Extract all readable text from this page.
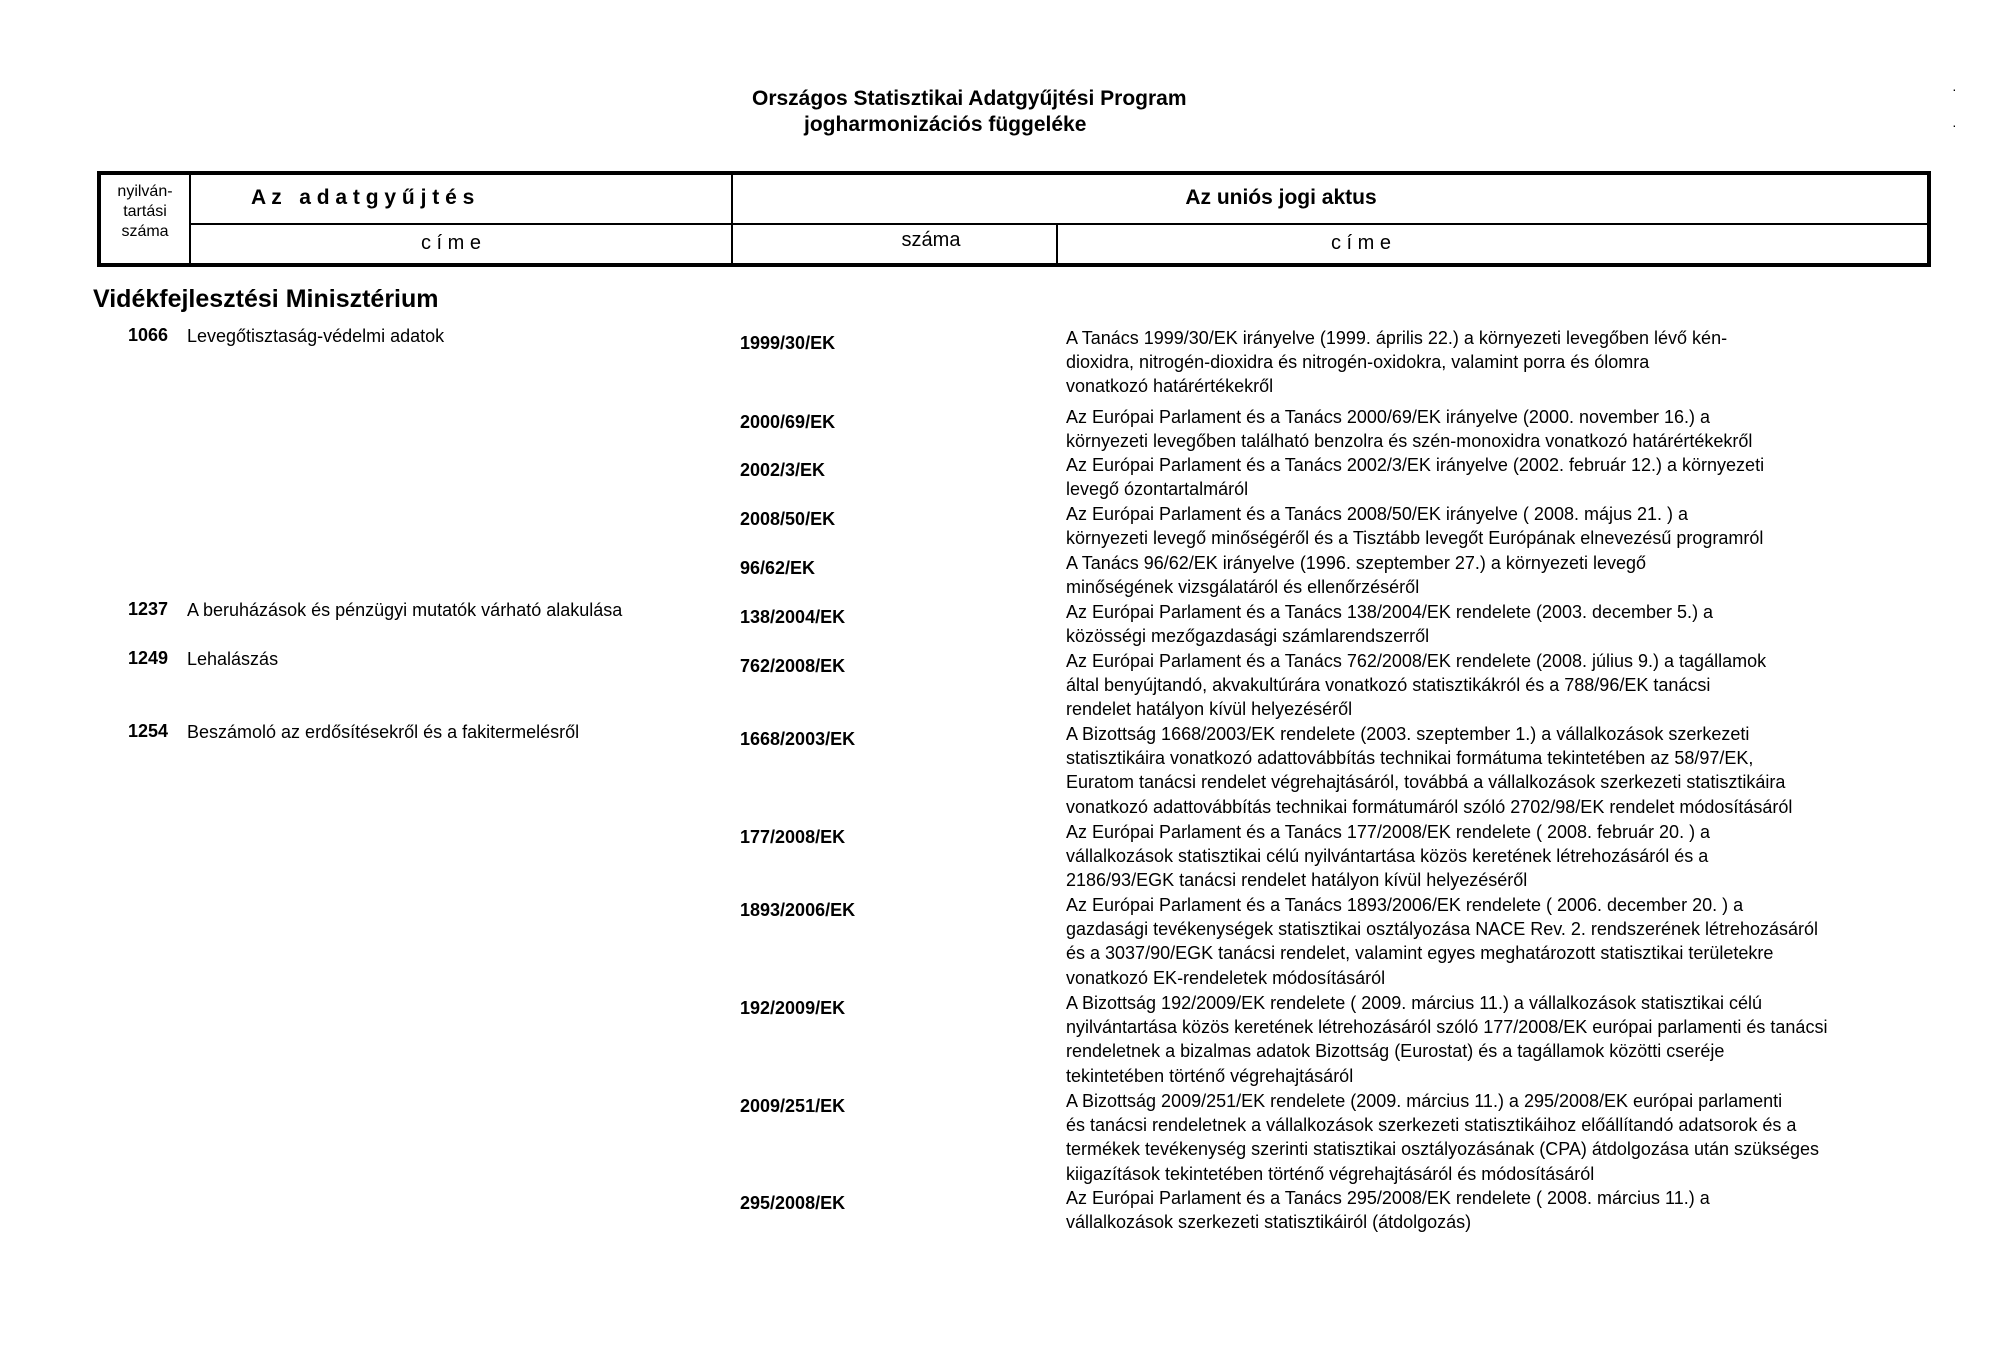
Országos Statisztikai Adatgyűjtési Program
jogharmonizációs függeléke
·
·
nyilván-
tartási
száma
A z   a d a t g y ű j t é s
c í m e
Az uniós jogi aktus
száma	c í m e
Vidékfejlesztési Minisztérium
1066 Levegőtisztaság-védelmi adatok	1999/30/EK	A Tanács 1999/30/EK irányelve (1999. április 22.) a környezeti levegőben lévő kén-
dioxidra, nitrogén-dioxidra és nitrogén-oxidokra, valamint porra és ólomra
vonatkozó határértékekről
2000/69/EK	Az Európai Parlament és a Tanács 2000/69/EK irányelve (2000. november 16.) a
környezeti levegőben található benzolra és szén-monoxidra vonatkozó határértékekről
2002/3/EK	Az Európai Parlament és a Tanács 2002/3/EK irányelve (2002. február 12.) a környezeti
levegő ózontartalmáról
2008/50/EK	Az Európai Parlament és a Tanács 2008/50/EK irányelve ( 2008. május 21. ) a
környezeti levegő minőségéről és a Tisztább levegőt Európának elnevezésű programról
96/62/EK	A Tanács 96/62/EK irányelve (1996. szeptember 27.) a környezeti levegő
minőségének vizsgálatáról és ellenőrzéséről
1237 A beruházások és pénzügyi mutatók várható alakulása	138/2004/EK	Az Európai Parlament és a Tanács 138/2004/EK rendelete (2003. december 5.) a
közösségi mezőgazdasági számlarendszerről
1249 Lehalászás	762/2008/EK	Az Európai Parlament és a Tanács 762/2008/EK rendelete (2008. július 9.) a tagállamok
által benyújtandó, akvakultúrára vonatkozó statisztikákról és a 788/96/EK tanácsi
rendelet hatályon kívül helyezéséről
1254 Beszámoló az erdősítésekről és a fakitermelésről	1668/2003/EK	A Bizottság 1668/2003/EK rendelete (2003. szeptember 1.) a vállalkozások szerkezeti
statisztikáira vonatkozó adattovábbítás technikai formátuma tekintetében az 58/97/EK,
Euratom tanácsi rendelet végrehajtásáról, továbbá a vállalkozások szerkezeti statisztikáira
vonatkozó adattovábbítás technikai formátumáról szóló 2702/98/EK rendelet módosításáról
177/2008/EK	Az Európai Parlament és a Tanács 177/2008/EK rendelete ( 2008. február 20. ) a
vállalkozások statisztikai célú nyilvántartása közös keretének létrehozásáról és a
2186/93/EGK tanácsi rendelet hatályon kívül helyezéséről
1893/2006/EK	Az Európai Parlament és a Tanács 1893/2006/EK rendelete ( 2006. december 20. ) a
gazdasági tevékenységek statisztikai osztályozása NACE Rev. 2. rendszerének létrehozásáról
és a 3037/90/EGK tanácsi rendelet, valamint egyes meghatározott statisztikai területekre
vonatkozó EK-rendeletek módosításáról
192/2009/EK	A Bizottság 192/2009/EK rendelete ( 2009. március 11.) a vállalkozások statisztikai célú
nyilvántartása közös keretének létrehozásáról szóló 177/2008/EK európai parlamenti és tanácsi
rendeletnek a bizalmas adatok Bizottság (Eurostat) és a tagállamok közötti cseréje
tekintetében történő végrehajtásáról
2009/251/EK	A Bizottság 2009/251/EK rendelete (2009. március 11.) a 295/2008/EK európai parlamenti
és tanácsi rendeletnek a vállalkozások szerkezeti statisztikáihoz előállítandó adatsorok és a
termékek tevékenység szerinti statisztikai osztályozásának (CPA) átdolgozása után szükséges
kiigazítások tekintetében történő végrehajtásáról és módosításáról
295/2008/EK	Az Európai Parlament és a Tanács 295/2008/EK rendelete ( 2008. március 11.) a
vállalkozások szerkezeti statisztikáiról (átdolgozás)
